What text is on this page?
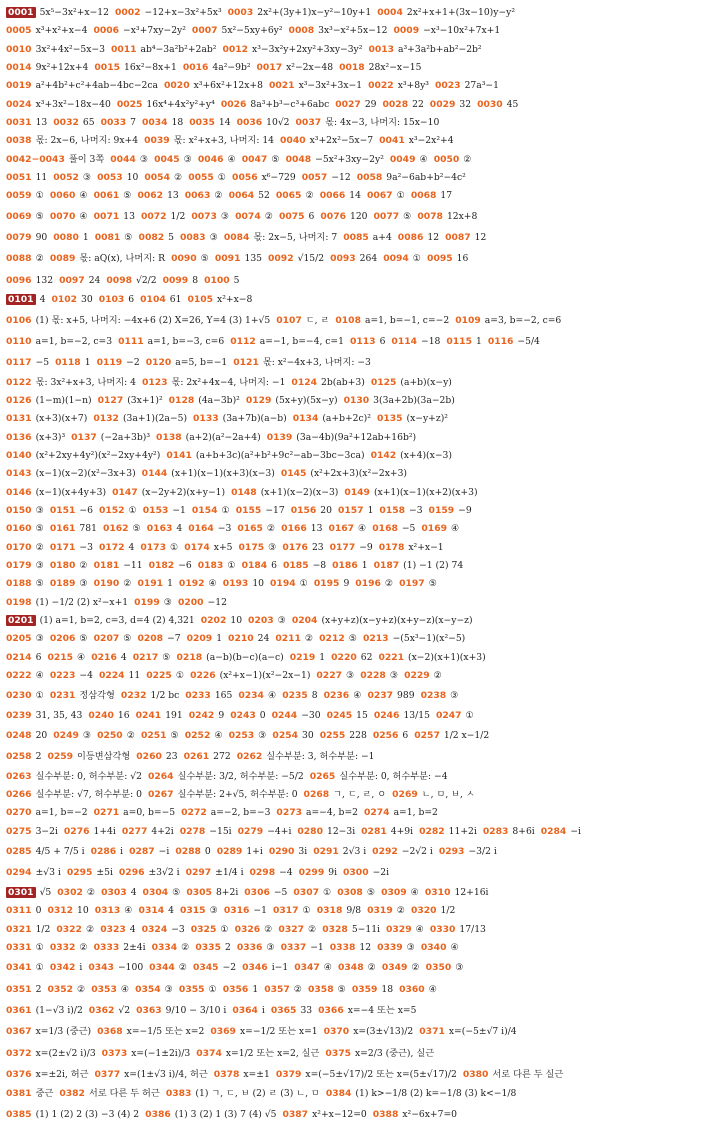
0001 5x⁵−3x²+x−12 0002 −12+x−3x²+5x³ 0003 2x²+(3y+1)x−y²−10y+1 0004 2x²+x+1+(3x−10)y−y²
0005 x³+x²+x−4 0006 −x³+7xy−2y² 0007 5x²−5xy+6y² 0008 3x³−x²+5x−12 0009 −x³−10x²+7x+1
0010 3x²+4x²−5x−3 0011 ab⁴−3a²b²+2ab² 0012 x³−3x²y+2xy²+3xy−3y² 0013 a³+3a²b+ab²−2b²
0014 9x²+12x+4 0015 16x²−8x+1 0016 4a²−9b² 0017 x²−2x−48 0018 28x²−x−15
0019 a²+4b²+c²+4ab−4bc−2ca 0020 x³+6x²+12x+8 0021 x³−3x²+3x−1 0022 x³+8y³ 0023 27a³−1
0024 x³+3x²−18x−40 0025 16x⁴+4x²y²+y⁴ 0026 8a³+b³−c³+6abc 0027 29 0028 22 0029 32 0030 45
0031 13 0032 65 0033 7 0034 18 0035 14 0036 10√2 0037 몫: 4x−3, 나머지: 15x−10
0038 몫: 2x−6, 나머지: 9x+4 0039 몫: x²+x+3, 나머지: 14 0040 x³+2x²−5x−7 0041 x³−2x²+4
0042−0043 풀이 3쪽 0044 ③ 0045 ③ 0046 ④ 0047 ⑤ 0048 −5x²+3xy−2y² 0049 ④ 0050 ②
0051 11 0052 ③ 0053 10 0054 ② 0055 ① 0056 x⁶−729 0057 −12 0058 9a²−6ab+b²−4c²
0059 ① 0060 ④ 0061 ⑤ 0062 13 0063 ② 0064 52 0065 ② 0066 14 0067 ① 0068 17
0069 ⑤ 0070 ④ 0071 13 0072 1/2 0073 ③ 0074 ② 0075 6 0076 120 0077 ⑤ 0078 12x+8
0079 90 0080 1 0081 ⑤ 0082 5 0083 ③ 0084 몫: 2x−5, 나머지: 7 0085 a+4 0086 12 0087 12
0088 ② 0089 몫: aQ(x), 나머지: R 0090 ⑤ 0091 135 0092 √15/2 0093 264 0094 ① 0095 16
0096 132 0097 24 0098 √2/2 0099 8 0100 5
0101 4 0102 30 0103 6 0104 61 0105 x²+x−8
0106 (1) 몫: x+5, 나머지: −4x+6 (2) X=26, Y=4 (3) 1+√5 0107 ㄷ, ㄹ 0108 a=1, b=−1, c=−2 0109 a=3, b=−2, c=6
0110 a=1, b=−2, c=3 0111 a=1, b=−3, c=6 0112 a=−1, b=−4, c=1 0113 6 0114 −18 0115 1 0116 −5/4
0117 −5 0118 1 0119 −2 0120 a=5, b=−1 0121 몫: x²−4x+3, 나머지: −3
0122 몫: 3x²+x+3, 나머지: 4 0123 몫: 2x²+4x−4, 나머지: −1 0124 2b(ab+3) 0125 (a+b)(x−y)
0126 (1−m)(1−n) 0127 (3x+1)² 0128 (4a−3b)² 0129 (5x+y)(5x−y) 0130 3(3a+2b)(3a−2b)
0131 (x+3)(x+7) 0132 (3a+1)(2a−5) 0133 (3a+7b)(a−b) 0134 (a+b+2c)² 0135 (x−y+z)²
0136 (x+3)³ 0137 (−2a+3b)³ 0138 (a+2)(a²−2a+4) 0139 (3a−4b)(9a²+12ab+16b²)
0140 (x²+2xy+4y²)(x²−2xy+4y²) 0141 (a+b+3c)(a²+b²+9c²−ab−3bc−3ca) 0142 (x+4)(x−3)
0143 (x−1)(x−2)(x²−3x+3) 0144 (x+1)(x−1)(x+3)(x−3) 0145 (x²+2x+3)(x²−2x+3)
0146 (x−1)(x+4y+3) 0147 (x−2y+2)(x+y−1) 0148 (x+1)(x−2)(x−3) 0149 (x+1)(x−1)(x+2)(x+3)
0150 ③ 0151 −6 0152 ① 0153 −1 0154 ① 0155 −17 0156 20 0157 1 0158 −3 0159 −9
0160 ⑤ 0161 781 0162 ⑤ 0163 4 0164 −3 0165 ② 0166 13 0167 ④ 0168 −5 0169 ④
0170 ② 0171 −3 0172 4 0173 ① 0174 x+5 0175 ③ 0176 23 0177 −9 0178 x²+x−1
0179 ③ 0180 ② 0181 −11 0182 −6 0183 ① 0184 6 0185 −8 0186 1 0187 (1) −1 (2) 74
0188 ⑤ 0189 ③ 0190 ② 0191 1 0192 ④ 0193 10 0194 ① 0195 9 0196 ② 0197 ⑤
0198 (1) −1/2 (2) x²−x+1 0199 ③ 0200 −12
0201 (1) a=1, b=2, c=3, d=4 (2) 4,321 0202 10 0203 ③ 0204 (x+y+z)(x−y+z)(x+y−z)(x−y−z)
0205 ③ 0206 ⑤ 0207 ⑤ 0208 −7 0209 1 0210 24 0211 ② 0212 ⑤ 0213 −(5x³−1)(x²−5)
0214 6 0215 ④ 0216 4 0217 ⑤ 0218 (a−b)(b−c)(a−c) 0219 1 0220 62 0221 (x−2)(x+1)(x+3)
0222 ④ 0223 −4 0224 11 0225 ① 0226 (x²+x−1)(x²−2x−1) 0227 ③ 0228 ③ 0229 ②
0230 ① 0231 정삼각형 0232 1/2 bc 0233 165 0234 ④ 0235 8 0236 ④ 0237 989 0238 ③
0239 31, 35, 43 0240 16 0241 191 0242 9 0243 0 0244 −30 0245 15 0246 13/15 0247 ①
0248 20 0249 ③ 0250 ② 0251 ⑤ 0252 ④ 0253 ③ 0254 30 0255 228 0256 6 0257 1/2 x−1/2
0258 2 0259 이등변삼각형 0260 23 0261 272 0262 실수부분: 3, 허수부분: −1
0263 실수부분: 0, 허수부분: √2 0264 실수부분: 3/2, 허수부분: −5/2 0265 실수부분: 0, 허수부분: −4
0266 실수부분: √7, 허수부분: 0 0267 실수부분: 2+√5, 허수부분: 0 0268 ㄱ, ㄷ, ㄹ, ㅇ 0269 ㄴ, ㅁ, ㅂ, ㅅ
0270 a=1, b=−2 0271 a=0, b=−5 0272 a=−2, b=−3 0273 a=−4, b=2 0274 a=1, b=2
0275 3−2i 0276 1+4i 0277 4+2i 0278 −15i 0279 −4+i 0280 12−3i 0281 4+9i 0282 11+2i 0283 8+6i 0284 −i
0285 4/5 + 7/5 i 0286 i 0287 −i 0288 0 0289 1+i 0290 3i 0291 2√3 i 0292 −2√2 i 0293 −3/2 i
0294 ±√3 i 0295 ±5i 0296 ±3√2 i 0297 ±1/4 i 0298 −4 0299 9i 0300 −2i
0301 √5 0302 ② 0303 4 0304 ⑤ 0305 8+2i 0306 −5 0307 ① 0308 ⑤ 0309 ④ 0310 12+16i
0311 0 0312 10 0313 ④ 0314 4 0315 ③ 0316 −1 0317 ① 0318 9/8 0319 ② 0320 1/2
0321 1/2 0322 ② 0323 4 0324 −3 0325 ① 0326 ② 0327 ② 0328 5−11i 0329 ④ 0330 17/13
0331 ① 0332 ② 0333 2±4i 0334 ② 0335 2 0336 ③ 0337 −1 0338 12 0339 ③ 0340 ④
0341 ① 0342 i 0343 −100 0344 ② 0345 −2 0346 i−1 0347 ④ 0348 ② 0349 ② 0350 ③
0351 2 0352 ② 0353 ④ 0354 ③ 0355 ① 0356 1 0357 ② 0358 ⑤ 0359 18 0360 ④
0361 (1−√3 i)/2 0362 √2 0363 9/10 − 3/10 i 0364 i 0365 33 0366 x=−4 또는 x=5
0367 x=1/3 (중근) 0368 x=−1/5 또는 x=2 0369 x=−1/2 또는 x=1 0370 x=(3±√13)/2 0371 x=(−5±√7 i)/4
0372 x=(2±√2 i)/3 0373 x=(−1±2i)/3 0374 x=1/2 또는 x=2, 실근 0375 x=2/3 (중근), 실근
0376 x=±2i, 허근 0377 x=(1±√3 i)/4, 허근 0378 x=±1 0379 x=(−5±√17)/2 또는 x=(5±√17)/2 0380 서로 다른 두 실근
0381 중근 0382 서로 다른 두 허근 0383 (1) ㄱ, ㄷ, ㅂ (2) ㄹ (3) ㄴ, ㅁ 0384 (1) k>−1/8 (2) k=−1/8 (3) k<−1/8
0385 (1) 1 (2) 2 (3) −3 (4) 2 0386 (1) 3 (2) 1 (3) 7 (4) √5 0387 x²+x−12=0 0388 x²−6x+7=0
